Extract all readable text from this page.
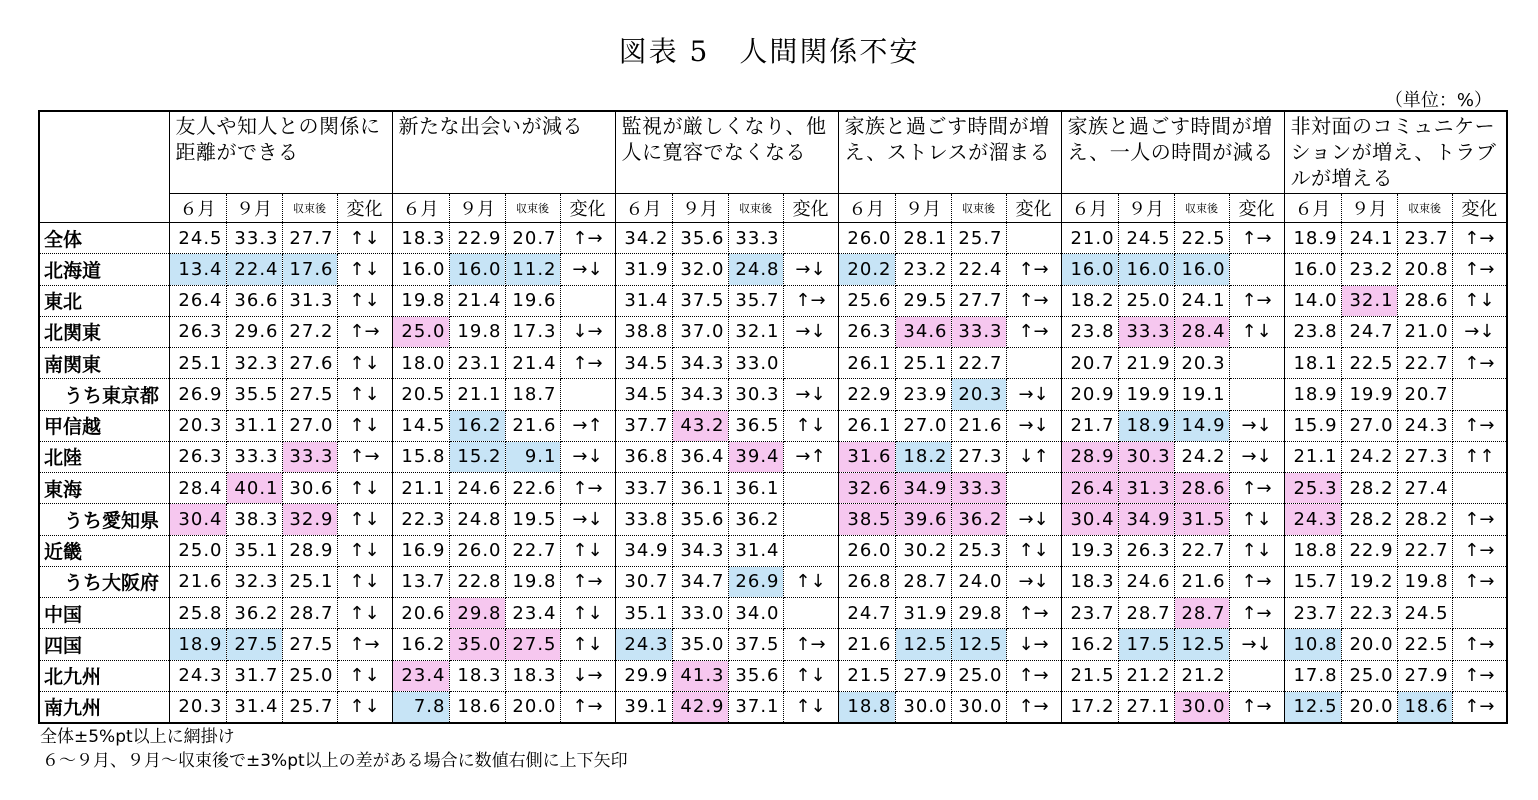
図表 5　人間関係不安
（単位：%）
	友人や知人との関係に距離ができる				新たな出会いが減る				監視が厳しくなり、他人に寛容でなくなる				家族と過ごす時間が増え、ストレスが溜まる				家族と過ごす時間が増え、一人の時間が減る				非対面のコミュニケーションが増え、トラブルが増える			
	６月	９月	収束後	変化	６月	９月	収束後	変化	６月	９月	収束後	変化	６月	９月	収束後	変化	６月	９月	収束後	変化	６月	９月	収束後	変化
全体	24.5	33.3	27.7	↑↓	18.3	22.9	20.7	↑→	34.2	35.6	33.3		26.0	28.1	25.7		21.0	24.5	22.5	↑→	18.9	24.1	23.7	↑→
北海道	13.4	22.4	17.6	↑↓	16.0	16.0	11.2	→↓	31.9	32.0	24.8	→↓	20.2	23.2	22.4	↑→	16.0	16.0	16.0		16.0	23.2	20.8	↑→
東北	26.4	36.6	31.3	↑↓	19.8	21.4	19.6		31.4	37.5	35.7	↑→	25.6	29.5	27.7	↑→	18.2	25.0	24.1	↑→	14.0	32.1	28.6	↑↓
北関東	26.3	29.6	27.2	↑→	25.0	19.8	17.3	↓→	38.8	37.0	32.1	→↓	26.3	34.6	33.3	↑→	23.8	33.3	28.4	↑↓	23.8	24.7	21.0	→↓
南関東	25.1	32.3	27.6	↑↓	18.0	23.1	21.4	↑→	34.5	34.3	33.0		26.1	25.1	22.7		20.7	21.9	20.3		18.1	22.5	22.7	↑→
うち東京都	26.9	35.5	27.5	↑↓	20.5	21.1	18.7		34.5	34.3	30.3	→↓	22.9	23.9	20.3	→↓	20.9	19.9	19.1		18.9	19.9	20.7	
甲信越	20.3	31.1	27.0	↑↓	14.5	16.2	21.6	→↑	37.7	43.2	36.5	↑↓	26.1	27.0	21.6	→↓	21.7	18.9	14.9	→↓	15.9	27.0	24.3	↑→
北陸	26.3	33.3	33.3	↑→	15.8	15.2	9.1	→↓	36.8	36.4	39.4	→↑	31.6	18.2	27.3	↓↑	28.9	30.3	24.2	→↓	21.1	24.2	27.3	↑↑
東海	28.4	40.1	30.6	↑↓	21.1	24.6	22.6	↑→	33.7	36.1	36.1		32.6	34.9	33.3		26.4	31.3	28.6	↑→	25.3	28.2	27.4	
うち愛知県	30.4	38.3	32.9	↑↓	22.3	24.8	19.5	→↓	33.8	35.6	36.2		38.5	39.6	36.2	→↓	30.4	34.9	31.5	↑↓	24.3	28.2	28.2	↑→
近畿	25.0	35.1	28.9	↑↓	16.9	26.0	22.7	↑↓	34.9	34.3	31.4		26.0	30.2	25.3	↑↓	19.3	26.3	22.7	↑↓	18.8	22.9	22.7	↑→
うち大阪府	21.6	32.3	25.1	↑↓	13.7	22.8	19.8	↑→	30.7	34.7	26.9	↑↓	26.8	28.7	24.0	→↓	18.3	24.6	21.6	↑→	15.7	19.2	19.8	↑→
中国	25.8	36.2	28.7	↑↓	20.6	29.8	23.4	↑↓	35.1	33.0	34.0		24.7	31.9	29.8	↑→	23.7	28.7	28.7	↑→	23.7	22.3	24.5	
四国	18.9	27.5	27.5	↑→	16.2	35.0	27.5	↑↓	24.3	35.0	37.5	↑→	21.6	12.5	12.5	↓→	16.2	17.5	12.5	→↓	10.8	20.0	22.5	↑→
北九州	24.3	31.7	25.0	↑↓	23.4	18.3	18.3	↓→	29.9	41.3	35.6	↑↓	21.5	27.9	25.0	↑→	21.5	21.2	21.2		17.8	25.0	27.9	↑→
南九州	20.3	31.4	25.7	↑↓	7.8	18.6	20.0	↑→	39.1	42.9	37.1	↑↓	18.8	30.0	30.0	↑→	17.2	27.1	30.0	↑→	12.5	20.0	18.6	↑→
全体±5%pt以上に網掛け
６～９月、９月～収束後で±3%pt以上の差がある場合に数値右側に上下矢印
